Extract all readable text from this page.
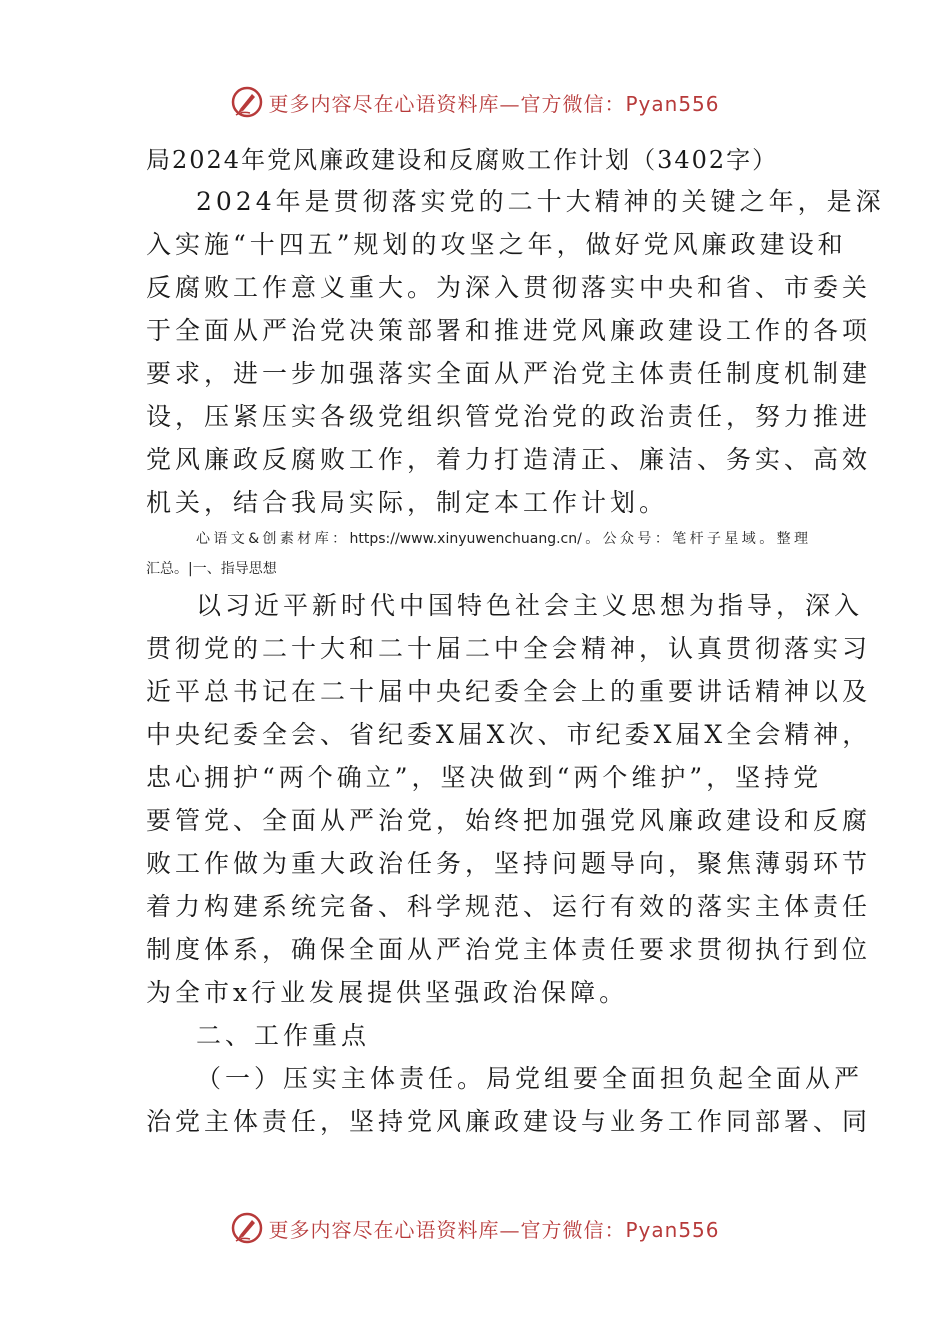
更多内容尽在心语资料库—官方微信：Pyan556
局2024年党风廉政建设和反腐败工作计划（3402字）
2024年是贯彻落实党的二十大精神的关键之年，是深
入实施“十四五”规划的攻坚之年，做好党风廉政建设和
反腐败工作意义重大。为深入贯彻落实中央和省、市委关
于全面从严治党决策部署和推进党风廉政建设工作的各项
要求，进一步加强落实全面从严治党主体责任制度机制建
设，压紧压实各级党组织管党治党的政治责任，努力推进
党风廉政反腐败工作，着力打造清正、廉洁、务实、高效
机关，结合我局实际，制定本工作计划。
心语文&创素材库：https://www.xinyuwenchuang.cn/。公众号：笔杆子星域。整理
汇总。|一、指导思想
以习近平新时代中国特色社会主义思想为指导，深入
贯彻党的二十大和二十届二中全会精神，认真贯彻落实习
近平总书记在二十届中央纪委全会上的重要讲话精神以及
中央纪委全会、省纪委X届X次、市纪委X届X全会精神，
忠心拥护“两个确立”，坚决做到“两个维护”，坚持党
要管党、全面从严治党，始终把加强党风廉政建设和反腐
败工作做为重大政治任务，坚持问题导向，聚焦薄弱环节
着力构建系统完备、科学规范、运行有效的落实主体责任
制度体系，确保全面从严治党主体责任要求贯彻执行到位
为全市x行业发展提供坚强政治保障。
二、工作重点
（一）压实主体责任。局党组要全面担负起全面从严
治党主体责任，坚持党风廉政建设与业务工作同部署、同
更多内容尽在心语资料库—官方微信：Pyan556
